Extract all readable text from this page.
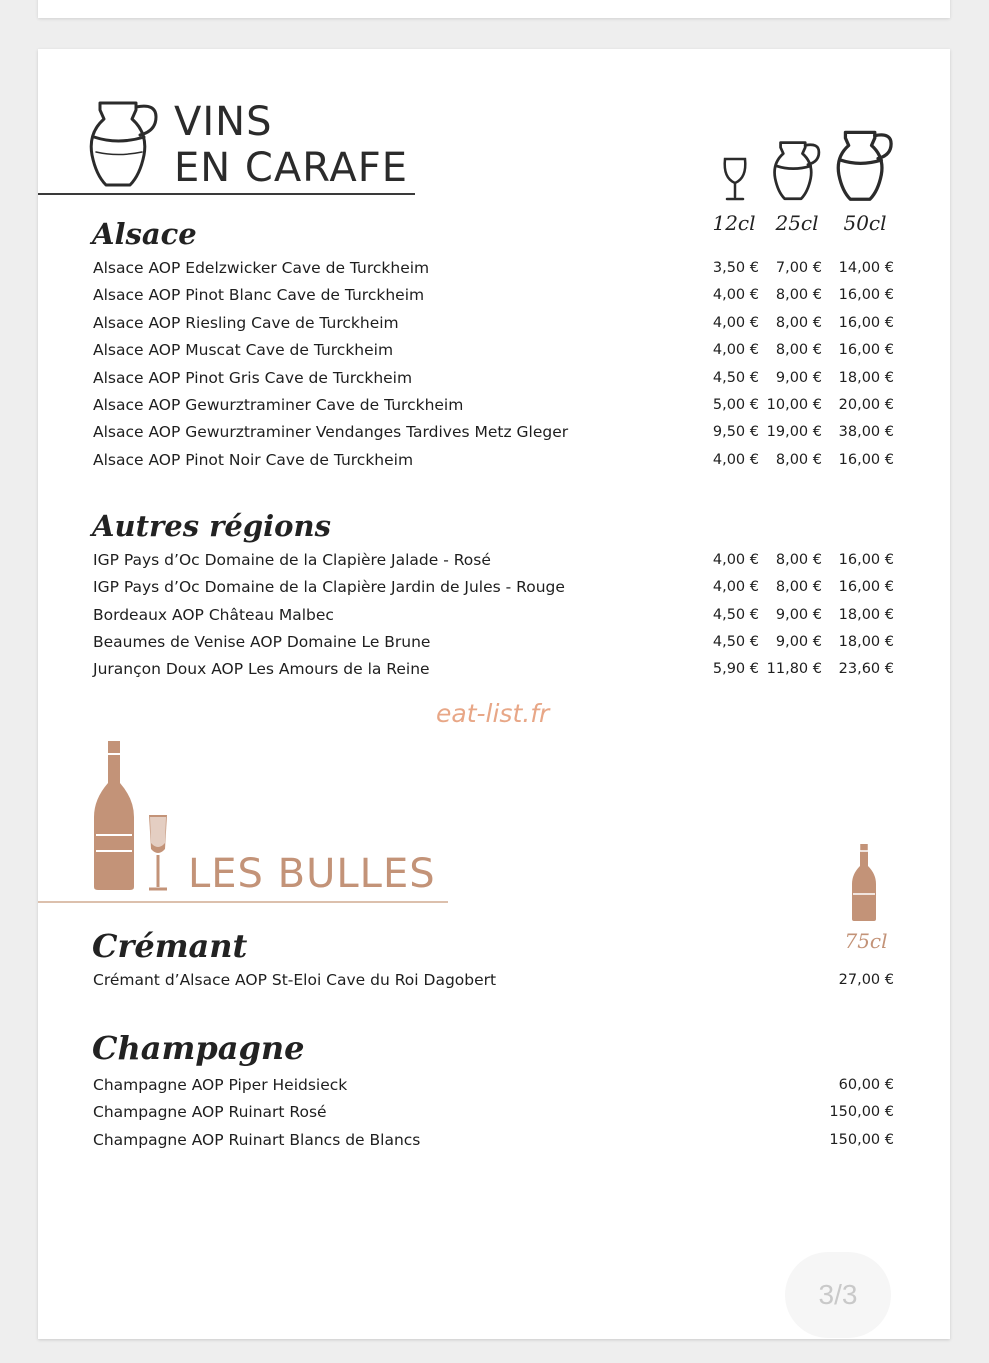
VINS
EN CARAFE
12cl 25cl	50cl
Alsace
Alsace AOP Edelzwicker Cave de Turckheim	3,50 €	7,00 €	14,00 €
Alsace AOP Pinot Blanc Cave de Turckheim	4,00 €	8,00 €	16,00 €
Alsace AOP Riesling Cave de Turckheim	4,00 €	8,00 €	16,00 €
Alsace AOP Muscat Cave de Turckheim	4,00 €	8,00 €	16,00 €
Alsace AOP Pinot Gris Cave de Turckheim	4,50 €	9,00 €	18,00 €
Alsace AOP Gewurztraminer Cave de Turckheim	5,00 € 10,00 €	20,00 €
Alsace AOP Gewurztraminer Vendanges Tardives Metz Gleger	9,50 € 19,00 €	38,00 €
Alsace AOP Pinot Noir Cave de Turckheim	4,00 €	8,00 €	16,00 €
Autres régions
IGP Pays d’Oc Domaine de la Clapière Jalade - Rosé	4,00 €	8,00 €	16,00 €
IGP Pays d’Oc Domaine de la Clapière Jardin de Jules - Rouge	4,00 €	8,00 €	16,00 €
Bordeaux AOP Château Malbec	4,50 €	9,00 €	18,00 €
Beaumes de Venise AOP Domaine Le Brune	4,50 €	9,00 €	18,00 €
Jurançon Doux AOP Les Amours de la Reine	5,90 € 11,80 €	23,60 €
eat-list.fr
LES BULLES
75cl
Crémant
Crémant d’Alsace AOP St-Eloi Cave du Roi Dagobert	27,00 €
Champagne
Champagne AOP Piper Heidsieck	60,00 €
Champagne AOP Ruinart Rosé	150,00 €
Champagne AOP Ruinart Blancs de Blancs	150,00 €
3/3
